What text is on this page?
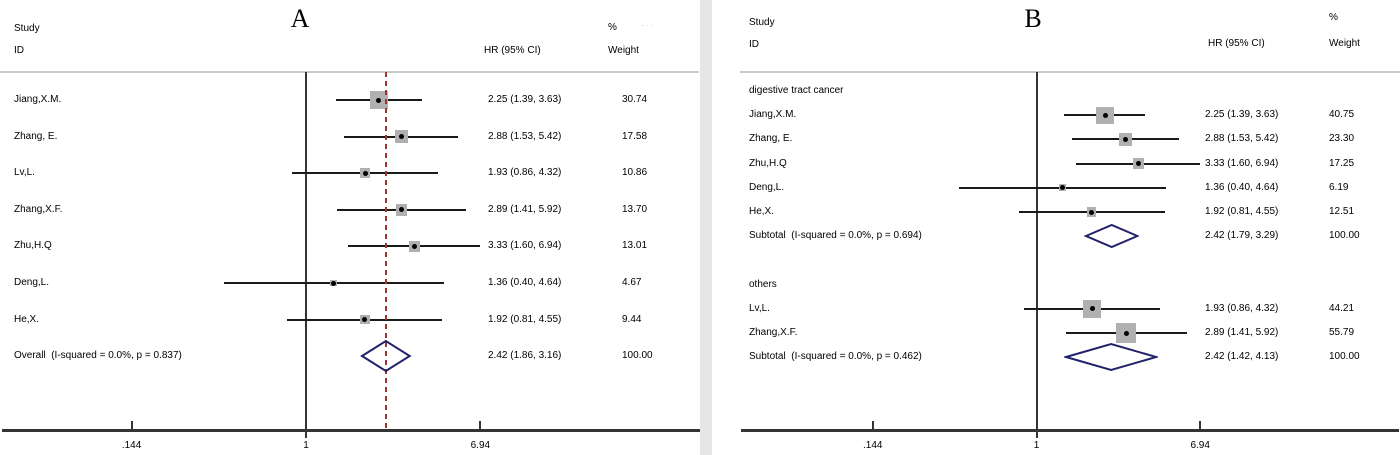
Study
ID
A
HR (95% CI)
%	···
Weight
Study
ID
B
HR (95% CI)
%
Weight
Jiang,X.M.	2.25 (1.39, 3.63)	30.74
Zhang, E.	2.88 (1.53, 5.42)	17.58
Lv,L.	1.93 (0.86, 4.32)	10.86
Zhang,X.F.	2.89 (1.41, 5.92)	13.70
Zhu,H.Q	3.33 (1.60, 6.94)	13.01
Deng,L.	1.36 (0.40, 4.64)	4.67
He,X.	1.92 (0.81, 4.55)	9.44
Overall  (I-squared = 0.0%, p = 0.837)	2.42 (1.86, 3.16)	100.00
.144	1	6.94
digestive tract cancer
Jiang,X.M.	2.25 (1.39, 3.63)	40.75
Zhang, E.	2.88 (1.53, 5.42)	23.30
Zhu,H.Q	3.33 (1.60, 6.94)	17.25
Deng,L.	1.36 (0.40, 4.64)	6.19
He,X.	1.92 (0.81, 4.55)	12.51
Subtotal  (I-squared = 0.0%, p = 0.694)	2.42 (1.79, 3.29)	100.00
others
Lv,L.	1.93 (0.86, 4.32)	44.21
Zhang,X.F.	2.89 (1.41, 5.92)	55.79
Subtotal  (I-squared = 0.0%, p = 0.462)	2.42 (1.42, 4.13)	100.00
.144	1	6.94
